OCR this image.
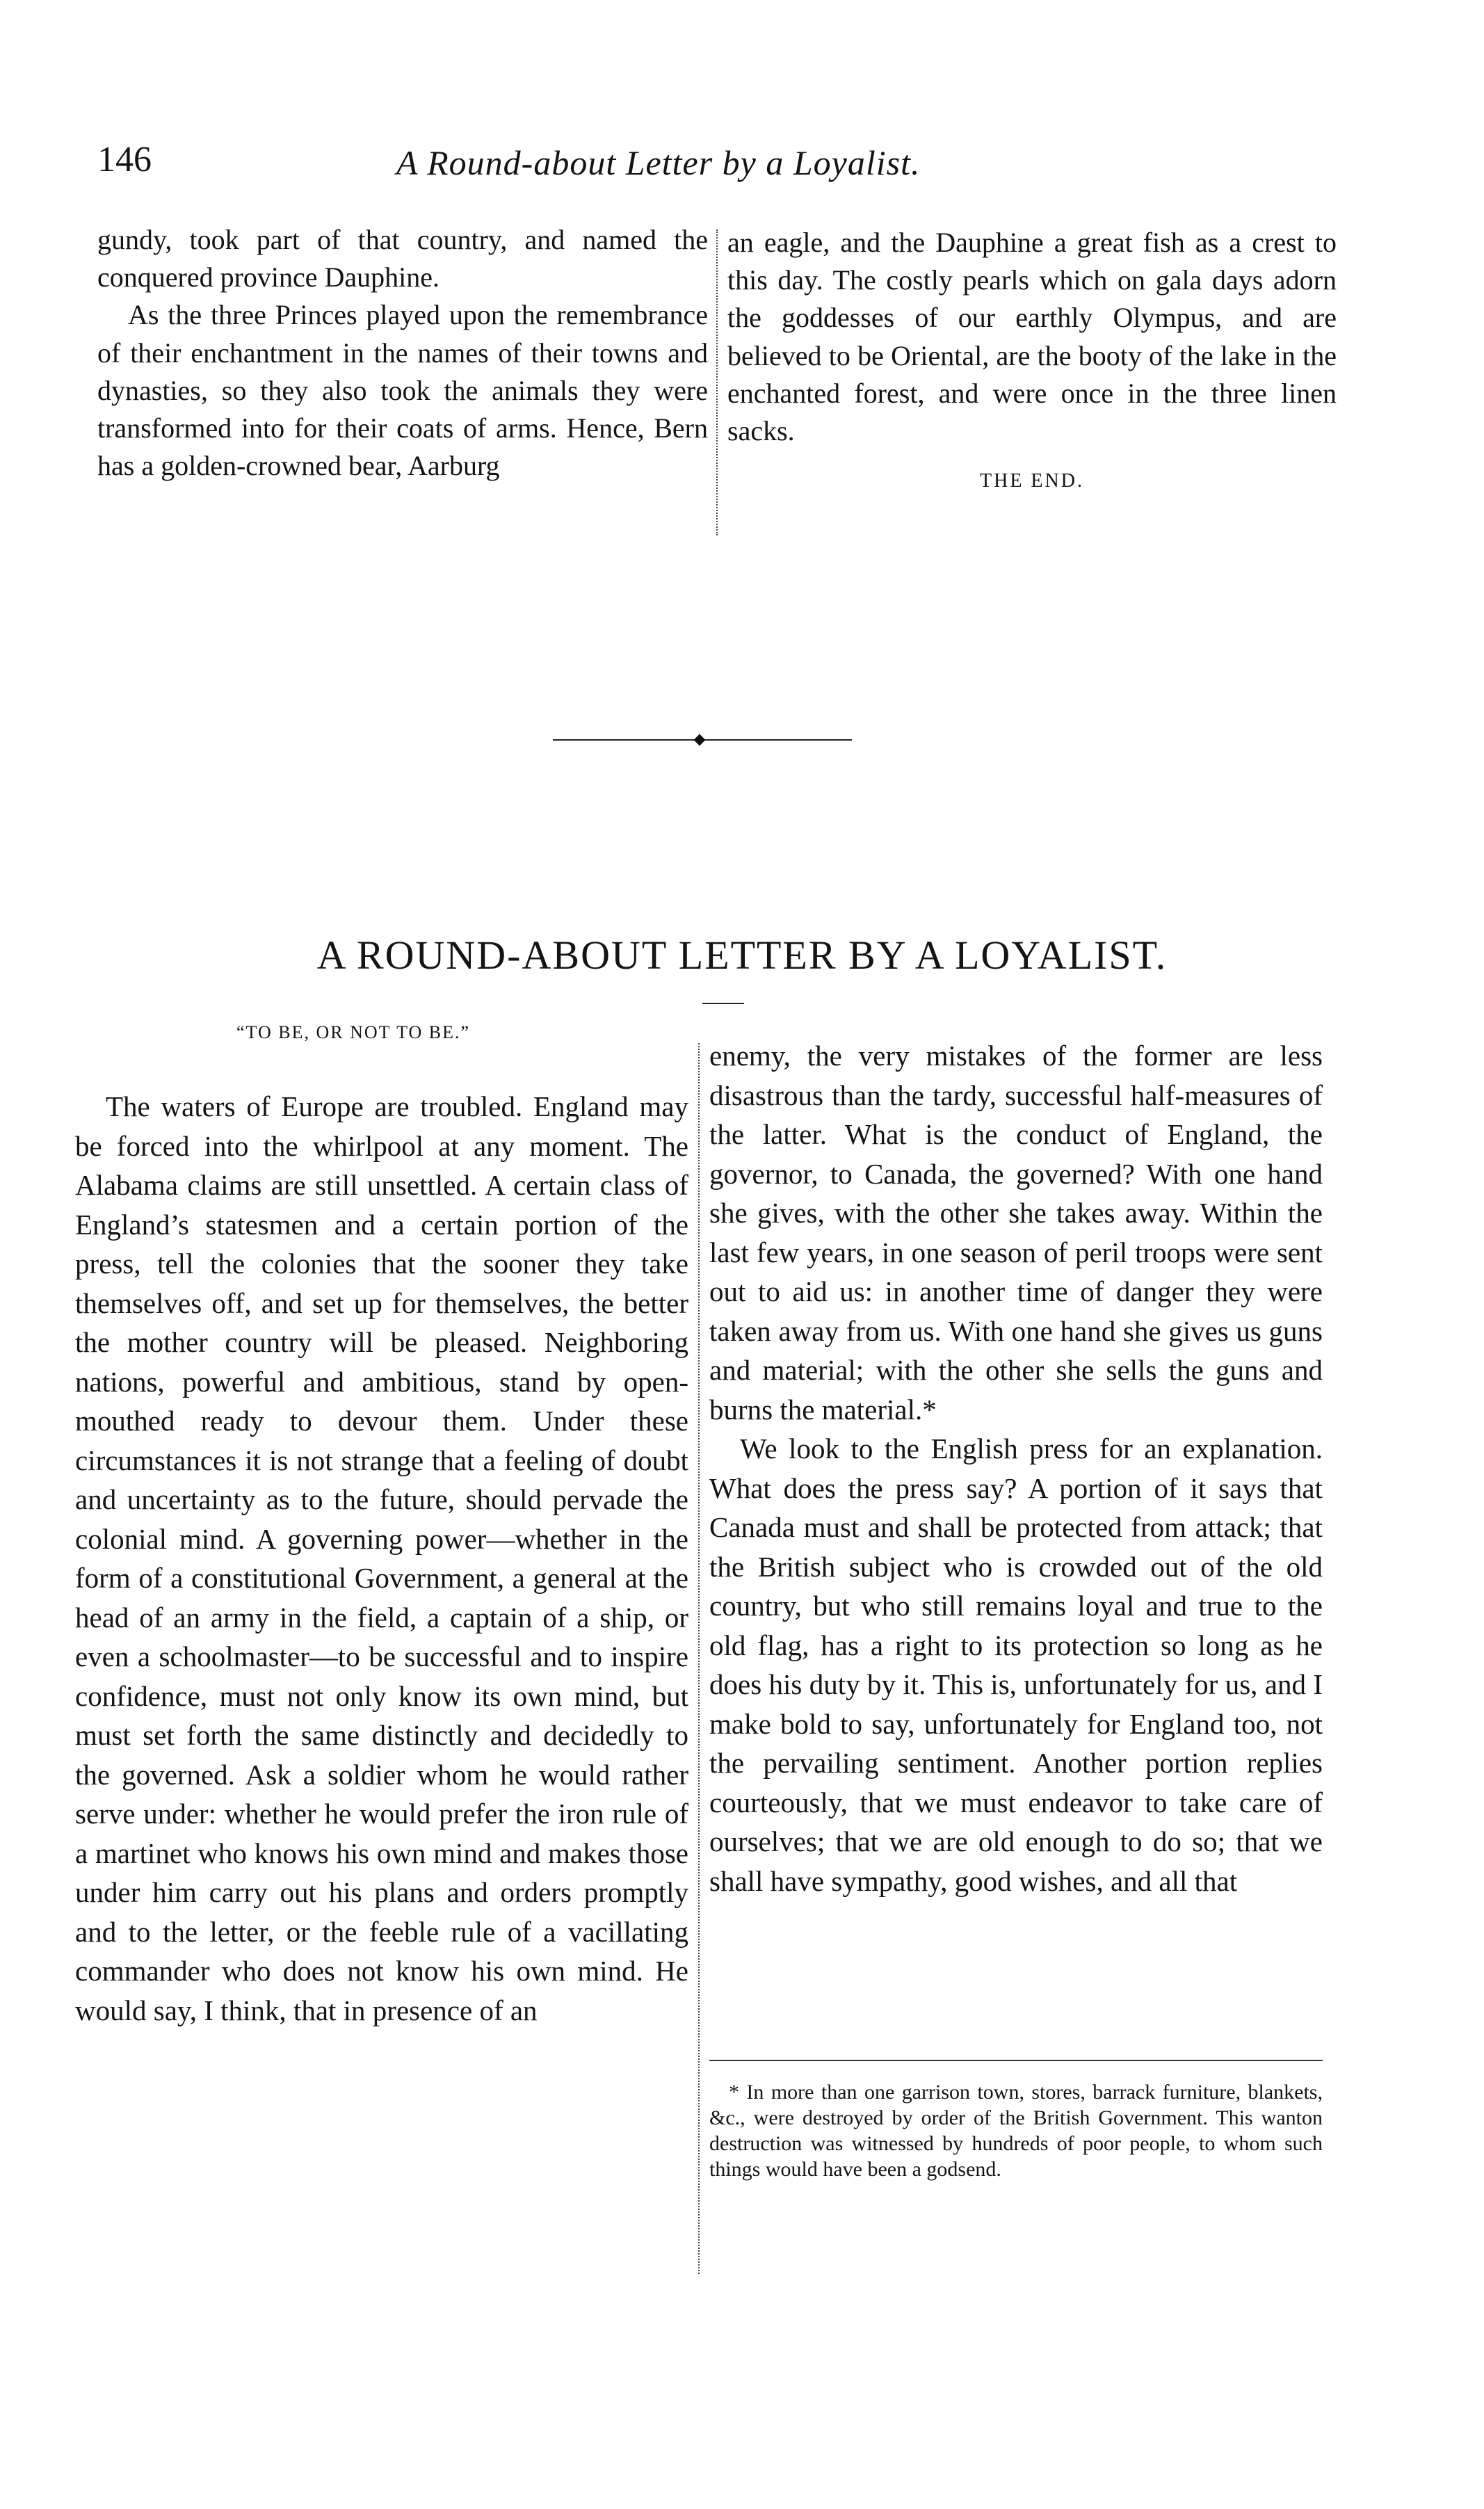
146	A Round-about Letter by a Loyalist.

gundy, took part of that country, and named the conquered province Dauphine.

As the three Princes played upon the remembrance of their enchantment in the names of their towns and dynasties, so they also took the animals they were transformed into for their coats of arms. Hence, Bern has a golden-crowned bear, Aarburg

an eagle, and the Dauphine a great fish as a crest to this day. The costly pearls which on gala days adorn the goddesses of our earthly Olympus, and are believed to be Oriental, are the booty of the lake in the enchanted forest, and were once in the three linen sacks.

THE END.

A ROUND-ABOUT LETTER BY A LOYALIST.
“TO BE, OR NOT TO BE.”

The waters of Europe are troubled. England may be forced into the whirlpool at any moment. The Alabama claims are still unsettled. A certain class of England’s statesmen and a certain portion of the press, tell the colonies that the sooner they take themselves off, and set up for themselves, the better the mother country will be pleased. Neighboring nations, powerful and ambitious, stand by open-mouthed ready to devour them. Under these circumstances it is not strange that a feeling of doubt and uncertainty as to the future, should pervade the colonial mind. A governing power—whether in the form of a constitutional Government, a general at the head of an army in the field, a captain of a ship, or even a schoolmaster—to be successful and to inspire confidence, must not only know its own mind, but must set forth the same distinctly and decidedly to the governed. Ask a soldier whom he would rather serve under: whether he would prefer the iron rule of a martinet who knows his own mind and makes those under him carry out his plans and orders promptly and to the letter, or the feeble rule of a vacillating commander who does not know his own mind. He would say, I think, that in presence of an

enemy, the very mistakes of the former are less disastrous than the tardy, successful half-measures of the latter. What is the conduct of England, the governor, to Canada, the governed? With one hand she gives, with the other she takes away. Within the last few years, in one season of peril troops were sent out to aid us: in another time of danger they were taken away from us. With one hand she gives us guns and material; with the other she sells the guns and burns the material.*

We look to the English press for an explanation. What does the press say? A portion of it says that Canada must and shall be protected from attack; that the British subject who is crowded out of the old country, but who still remains loyal and true to the old flag, has a right to its protection so long as he does his duty by it. This is, unfortunately for us, and I make bold to say, unfortunately for England too, not the pervailing sentiment. Another portion replies courteously, that we must endeavor to take care of ourselves; that we are old enough to do so; that we shall have sympathy, good wishes, and all that

* In more than one garrison town, stores, barrack furniture, blankets, &c., were destroyed by order of the British Government. This wanton destruction was witnessed by hundreds of poor people, to whom such things would have been a godsend.
